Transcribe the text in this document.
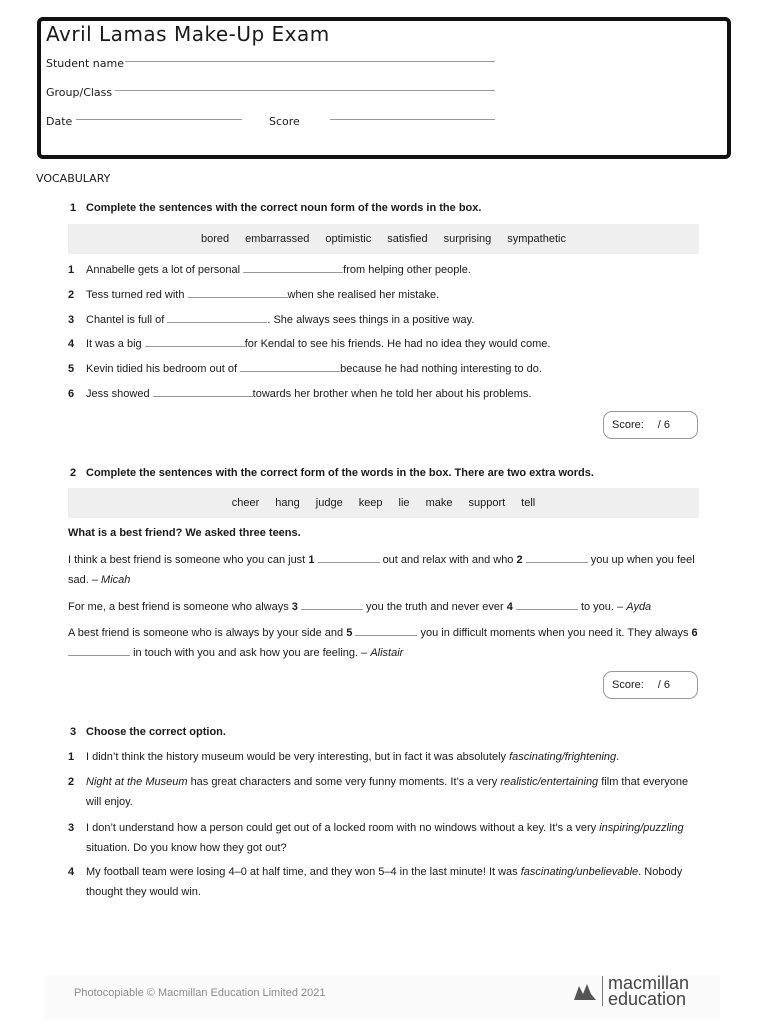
Avril Lamas Make-Up Exam
Student name
Group/Class
Date	Score
VOCABULARY
1 Complete the sentences with the correct noun form of the words in the box.
bored embarrassed optimistic satisfied surprising sympathetic
1 Annabelle gets a lot of personal	from helping other people.
2 Tess turned red with	when she realised her mistake.
3 Chantel is full of	. She always sees things in a positive way.
4 It was a big	for Kendal to see his friends. He had no idea they would come.
5 Kevin tidied his bedroom out of	because he had nothing interesting to do.
6 Jess showed	towards her brother when he told her about his problems.
Score: / 6
2 Complete the sentences with the correct form of the words in the box. There are two extra words.
cheer hang judge keep lie make support tell
What is a best friend? We asked three teens.
I think a best friend is someone who you can just 1	out and relax with and who 2	you up when you feel sad. – Micah
For me, a best friend is someone who always 3	you the truth and never ever 4	to you. – Ayda
A best friend is someone who is always by your side and 5	you in difficult moments when you need it. They always 6  in touch with you and ask how you are feeling. – Alistair
Score: / 6
3 Choose the correct option.
1	I didn’t think the history museum would be very interesting, but in fact it was absolutely fascinating/frightening.
2	Night at the Museum has great characters and some very funny moments. It’s a very realistic/entertaining film that everyone will enjoy.
3	I don’t understand how a person could get out of a locked room with no windows without a key. It’s a very inspiring/puzzling situation. Do you know how they got out?
4	My football team were losing 4–0 at half time, and they won 5–4 in the last minute! It was fascinating/unbelievable. Nobody thought they would win.
Photocopiable © Macmillan Education Limited 2021	macmillan
education
